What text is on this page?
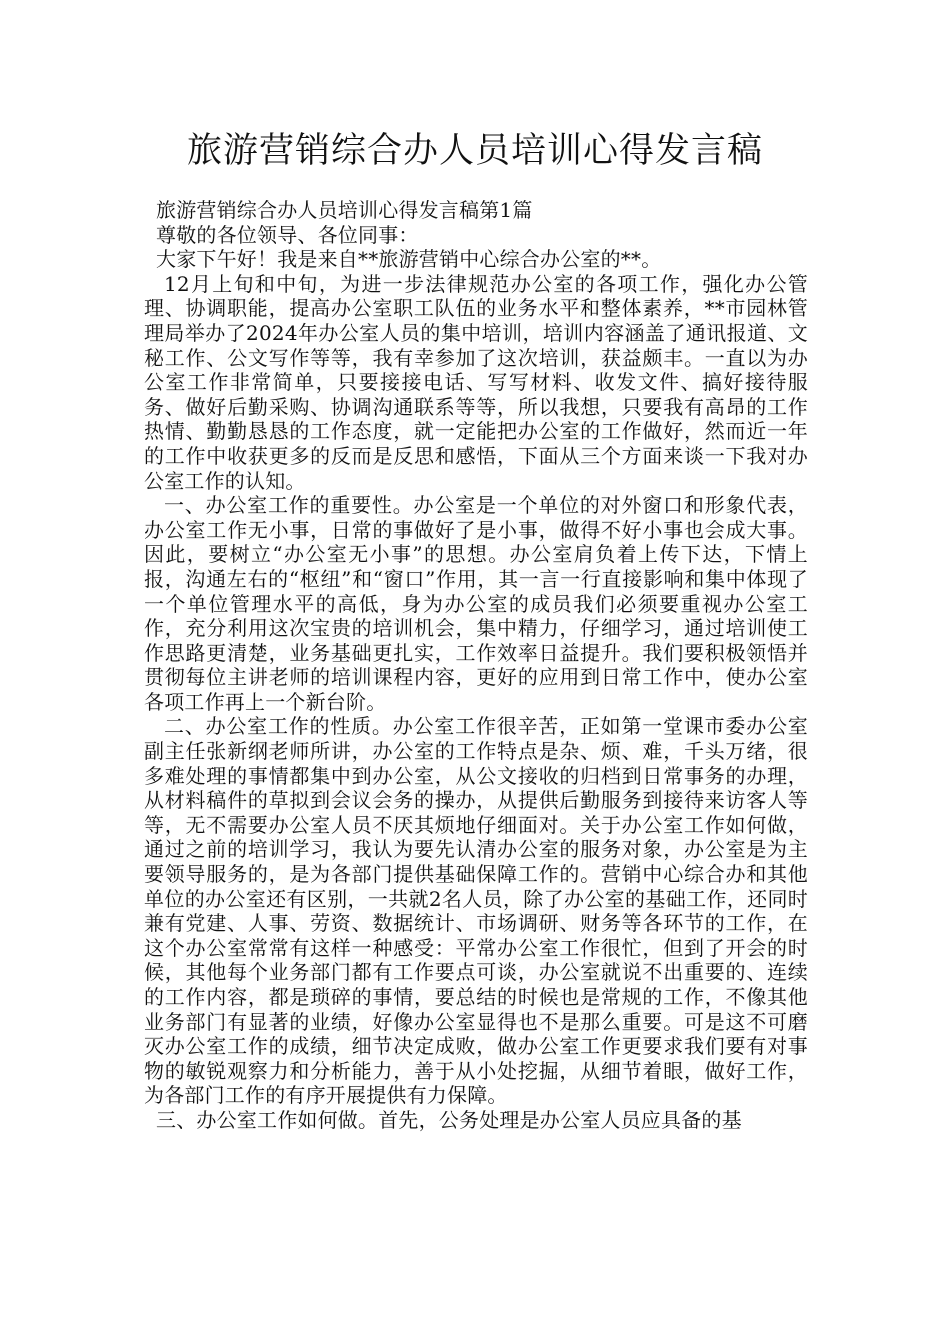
旅游营销综合办人员培训心得发言稿

旅游营销综合办人员培训心得发言稿第1篇

尊敬的各位领导、各位同事：

大家下午好！我是来自**旅游营销中心综合办公室的**。

12月上旬和中旬，为进一步法律规范办公室的各项工作，强化办公管理、协调职能，提高办公室职工队伍的业务水平和整体素养，**市园林管理局举办了2024年办公室人员的集中培训，培训内容涵盖了通讯报道、文秘工作、公文写作等等，我有幸参加了这次培训，获益颇丰。一直以为办公室工作非常简单，只要接接电话、写写材料、收发文件、搞好接待服务、做好后勤采购、协调沟通联系等等，所以我想，只要我有高昂的工作热情、勤勤恳恳的工作态度，就一定能把办公室的工作做好，然而近一年的工作中收获更多的反而是反思和感悟，下面从三个方面来谈一下我对办公室工作的认知。

一、办公室工作的重要性。办公室是一个单位的对外窗口和形象代表，办公室工作无小事，日常的事做好了是小事，做得不好小事也会成大事。因此，要树立“办公室无小事”的思想。办公室肩负着上传下达，下情上报，沟通左右的“枢纽”和“窗口”作用，其一言一行直接影响和集中体现了一个单位管理水平的高低，身为办公室的成员我们必须要重视办公室工作，充分利用这次宝贵的培训机会，集中精力，仔细学习，通过培训使工作思路更清楚，业务基础更扎实，工作效率日益提升。我们要积极领悟并贯彻每位主讲老师的培训课程内容，更好的应用到日常工作中，使办公室各项工作再上一个新台阶。

二、办公室工作的性质。办公室工作很辛苦，正如第一堂课市委办公室副主任张新纲老师所讲，办公室的工作特点是杂、烦、难，千头万绪，很多难处理的事情都集中到办公室，从公文接收的归档到日常事务的办理，从材料稿件的草拟到会议会务的操办，从提供后勤服务到接待来访客人等等，无不需要办公室人员不厌其烦地仔细面对。关于办公室工作如何做，通过之前的培训学习，我认为要先认清办公室的服务对象，办公室是为主要领导服务的，是为各部门提供基础保障工作的。营销中心综合办和其他单位的办公室还有区别，一共就2名人员，除了办公室的基础工作，还同时兼有党建、人事、劳资、数据统计、市场调研、财务等各环节的工作，在这个办公室常常有这样一种感受：平常办公室工作很忙，但到了开会的时候，其他每个业务部门都有工作要点可谈，办公室就说不出重要的、连续的工作内容，都是琐碎的事情，要总结的时候也是常规的工作，不像其他业务部门有显著的业绩，好像办公室显得也不是那么重要。可是这不可磨灭办公室工作的成绩，细节决定成败，做办公室工作更要求我们要有对事物的敏锐观察力和分析能力，善于从小处挖掘，从细节着眼，做好工作，为各部门工作的有序开展提供有力保障。

三、办公室工作如何做。首先，公务处理是办公室人员应具备的基
